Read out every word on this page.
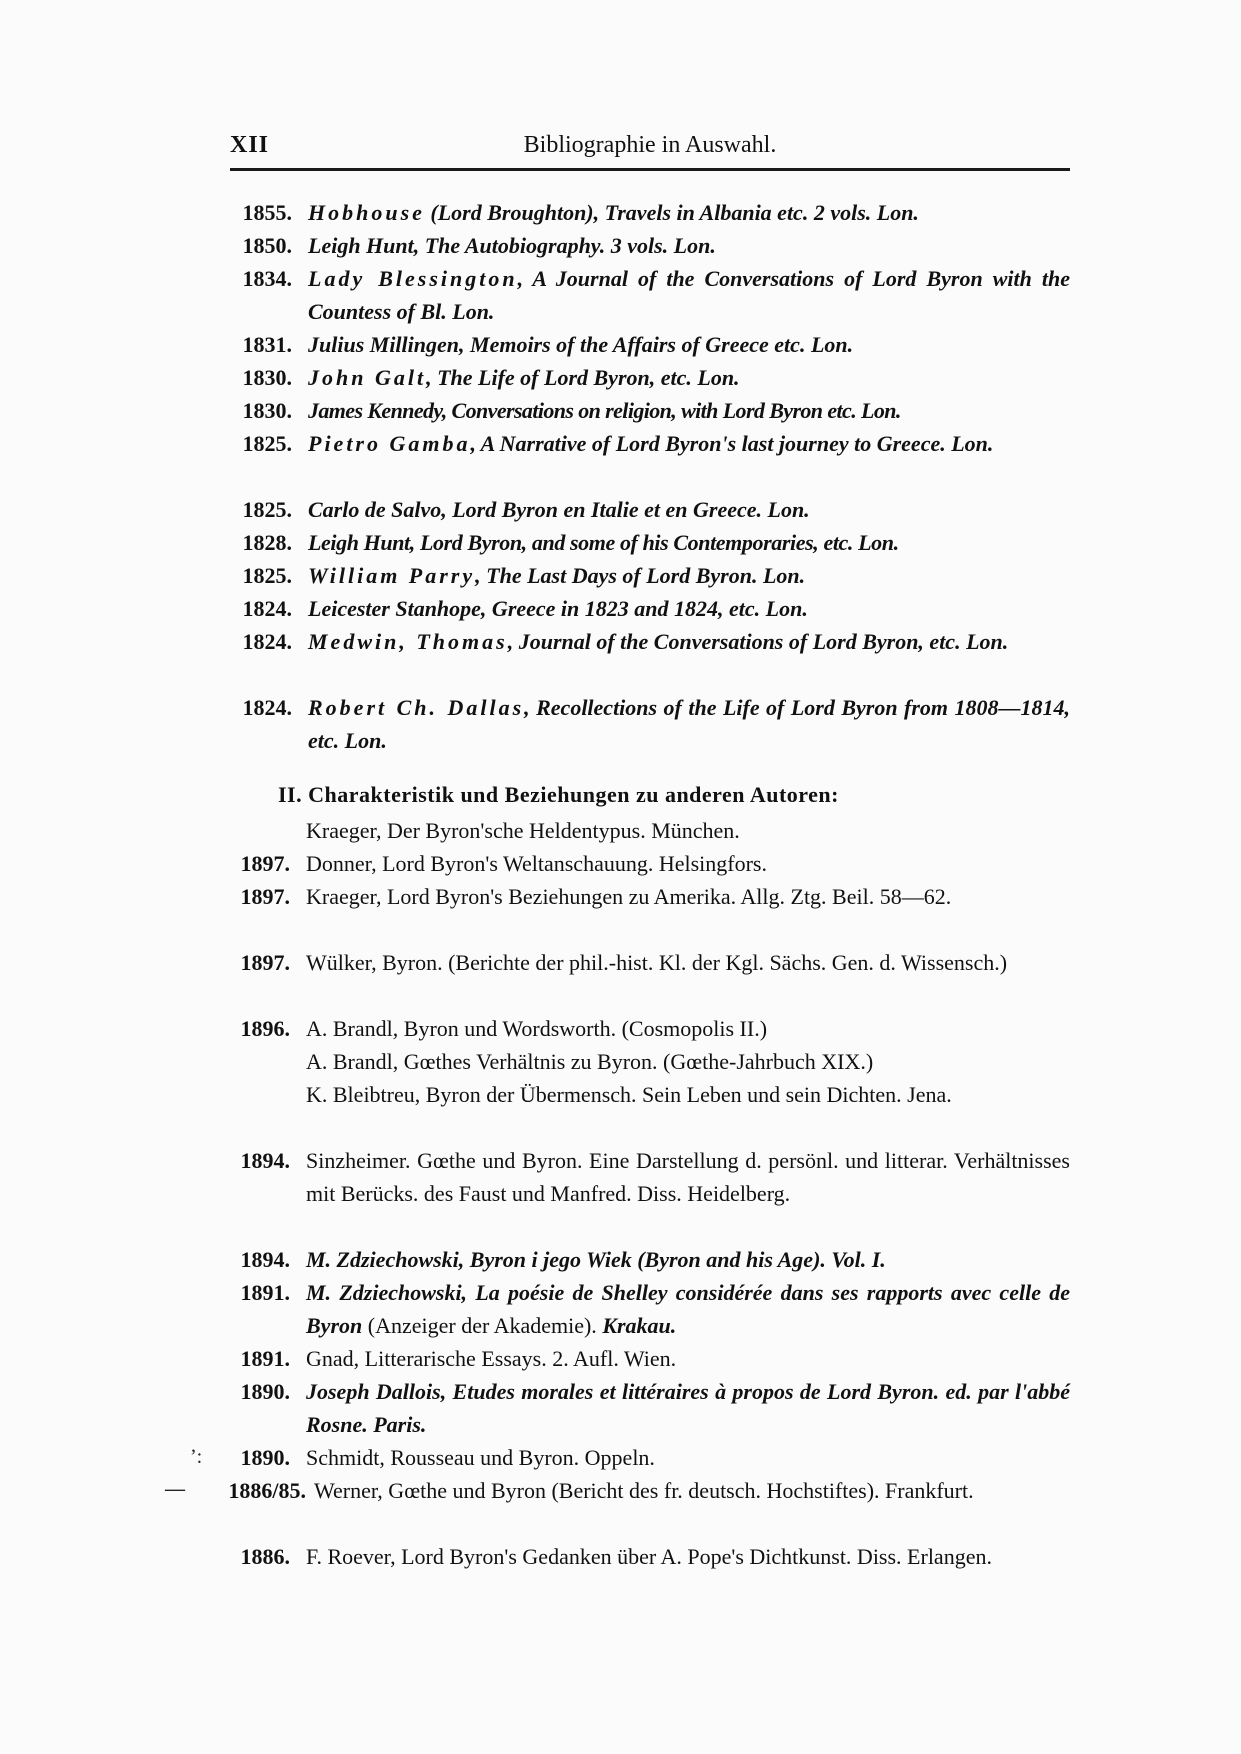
XII	Bibliographie in Auswahl.
1855. Hobhouse (Lord Broughton), Travels in Albania etc. 2 vols. Lon.
1850. Leigh Hunt, The Autobiography. 3 vols. Lon.
1834. Lady Blessington, A Journal of the Conversations of Lord Byron with the Countess of Bl. Lon.
1831. Julius Millingen, Memoirs of the Affairs of Greece etc. Lon.
1830. John Galt, The Life of Lord Byron, etc. Lon.
1830. James Kennedy, Conversations on religion, with Lord Byron etc. Lon.
1825. Pietro Gamba, A Narrative of Lord Byron's last journey to Greece. Lon.
1825. Carlo de Salvo, Lord Byron en Italie et en Greece. Lon.
1828. Leigh Hunt, Lord Byron, and some of his Contemporaries, etc. Lon.
1825. William Parry, The Last Days of Lord Byron. Lon.
1824. Leicester Stanhope, Greece in 1823 and 1824, etc. Lon.
1824. Medwin, Thomas, Journal of the Conversations of Lord Byron, etc. Lon.
1824. Robert Ch. Dallas, Recollections of the Life of Lord Byron from 1808—1814, etc. Lon.
II. Charakteristik und Beziehungen zu anderen Autoren:
Kraeger, Der Byron'sche Heldentypus. München.
1897. Donner, Lord Byron's Weltanschauung. Helsingfors.
1897. Kraeger, Lord Byron's Beziehungen zu Amerika. Allg. Ztg. Beil. 58—62.
1897. Wülker, Byron. (Berichte der phil.-hist. Kl. der Kgl. Sächs. Gen. d. Wissensch.)
1896. A. Brandl, Byron und Wordsworth. (Cosmopolis II.)
A. Brandl, Gœthes Verhältnis zu Byron. (Gœthe-Jahrbuch XIX.)
K. Bleibtreu, Byron der Übermensch. Sein Leben und sein Dichten. Jena.
1894. Sinzheimer. Gœthe und Byron. Eine Darstellung d. persönl. und litterar. Verhältnisses mit Berücks. des Faust und Manfred. Diss. Heidelberg.
1894. M. Zdziechowski, Byron i jego Wiek (Byron and his Age). Vol. I.
1891. M. Zdziechowski, La poésie de Shelley considérée dans ses rapports avec celle de Byron (Anzeiger der Akademie). Krakau.
1891. Gnad, Litterarische Essays. 2. Aufl. Wien.
1890. Joseph Dallois, Etudes morales et littéraires à propos de Lord Byron. ed. par l'abbé Rosne. Paris.
1890. Schmidt, Rousseau und Byron. Oppeln.
1886/85. Werner, Gœthe und Byron (Bericht des fr. deutsch. Hochstiftes). Frankfurt.
1886. F. Roever, Lord Byron's Gedanken über A. Pope's Dichtkunst. Diss. Erlangen.
ʼ:
—
